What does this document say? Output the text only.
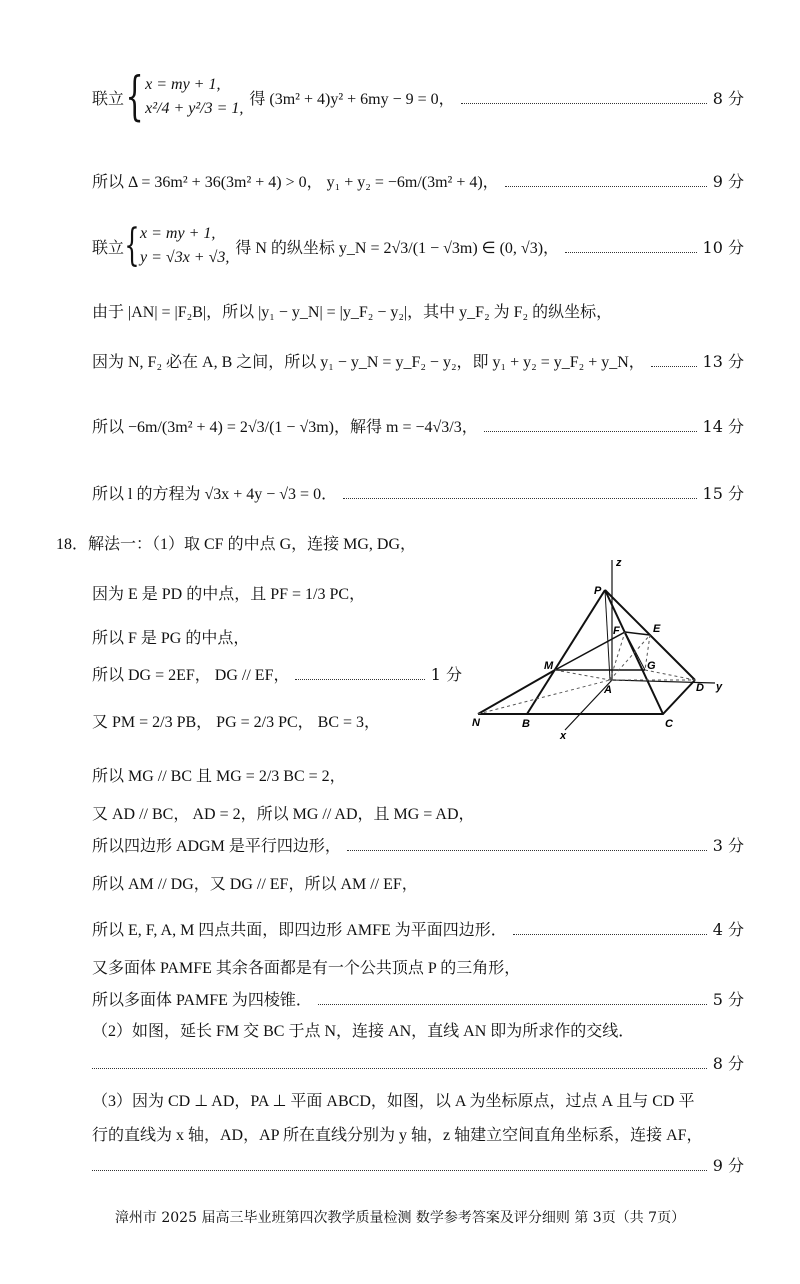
联立 { x = my + 1,
x²/4 + y²/3 = 1,
得 (3m² + 4)y² + 6my − 9 = 0，	8 分
所以 Δ = 36m² + 36(3m² + 4) > 0， y₁ + y₂ = −6m/(3m² + 4)，	9 分
联立 { x = my + 1,
y = √3x + √3,
得 N 的纵坐标 y_N = 2√3/(1 − √3m) ∈ (0, √3)，	10 分
由于 |AN| = |F₂B|，所以 |y₁ − y_N| = |y_F₂ − y₂|，其中 y_F₂ 为 F₂ 的纵坐标，
因为 N, F₂ 必在 A, B 之间，所以 y₁ − y_N = y_F₂ − y₂，即 y₁ + y₂ = y_F₂ + y_N，	13 分
所以 −6m/(3m² + 4) = 2√3/(1 − √3m)，解得 m = −4√3/3，	14 分
所以 l 的方程为 √3x + 4y − √3 = 0．	15 分
18．解法一：（1）取 CF 的中点 G，连接 MG, DG，
因为 E 是 PD 的中点，且 PF = 1/3 PC，
所以 F 是 PG 的中点，
所以 DG = 2EF， DG // EF，	1 分
又 PM = 2/3 PB， PG = 2/3 PC， BC = 3，
所以 MG // BC 且 MG = 2/3 BC = 2，
又 AD // BC， AD = 2，所以 MG // AD，且 MG = AD，
所以四边形 ADGM 是平行四边形，	3 分
所以 AM // DG，又 DG // EF，所以 AM // EF，
所以 E, F, A, M 四点共面，即四边形 AMFE 为平面四边形．	4 分
又多面体 PAMFE 其余各面都是有一个公共顶点 P 的三角形，
所以多面体 PAMFE 为四棱锥．	5 分
（2）如图，延长 FM 交 BC 于点 N，连接 AN，直线 AN 即为所求作的交线．
8 分
（3）因为 CD ⊥ AD，PA ⊥ 平面 ABCD，如图，以 A 为坐标原点，过点 A 且与 CD 平
行的直线为 x 轴，AD，AP 所在直线分别为 y 轴，z 轴建立空间直角坐标系，连接 AF，
9 分
P
z
F	E
M	G
A	D y
N	B	C
x
漳州市 2025 届高三毕业班第四次教学质量检测 数学参考答案及评分细则 第 3页（共 7页）
